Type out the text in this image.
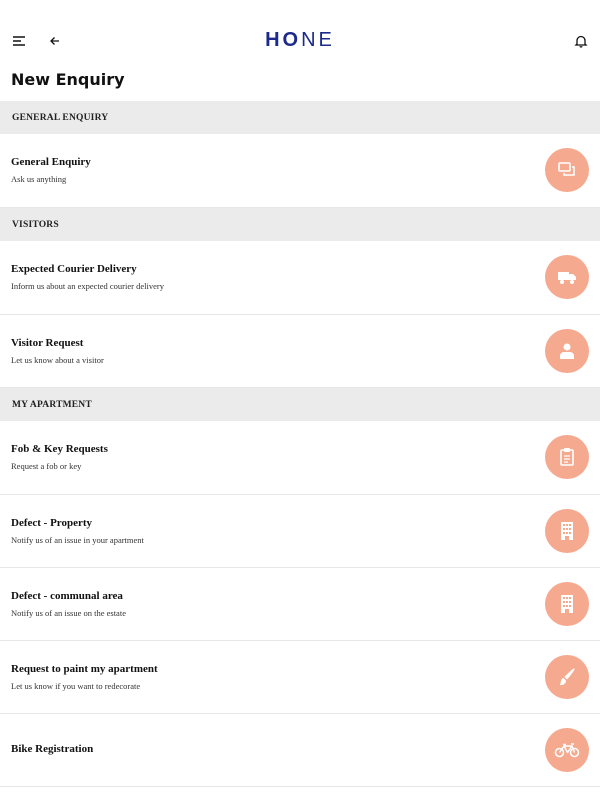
HONE
New Enquiry
GENERAL ENQUIRY
General Enquiry
Ask us anything
VISITORS
Expected Courier Delivery
Inform us about an expected courier delivery
Visitor Request
Let us know about a visitor
MY APARTMENT
Fob & Key Requests
Request a fob or key
Defect - Property
Notify us of an issue in your apartment
Defect - communal area
Notify us of an issue on the estate
Request to paint my apartment
Let us know if you want to redecorate
Bike Registration
